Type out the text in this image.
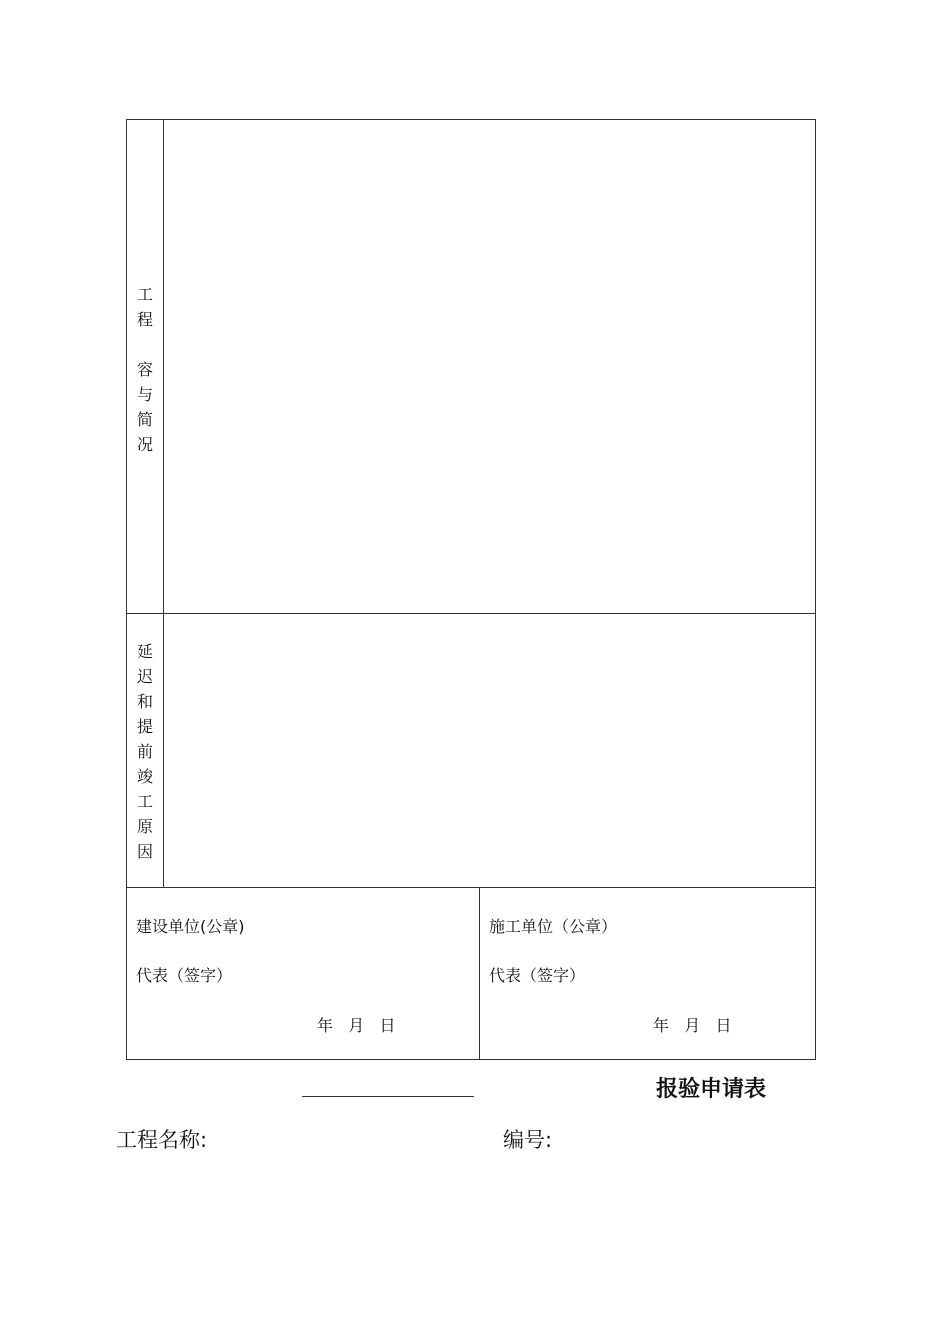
工
程

容
与
简
况
延
迟
和
提
前
竣
工
原
因
建设单位(公章)
代表（签字）
年   月   日
施工单位（公章）
代表（签字）
年   月   日
报验申请表
工程名称:	编号:
